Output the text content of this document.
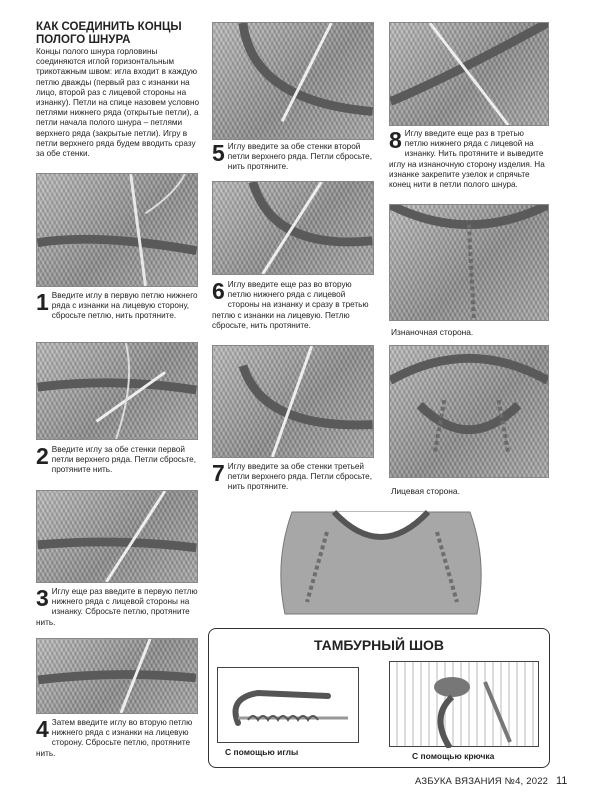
КАК СОЕДИНИТЬ КОНЦЫ ПОЛОГО ШНУРА
Концы полого шнура горловины соединяются иглой горизонтальным трикотажным швом: игла входит в каждую петлю дважды (первый раз с изнанки на лицо, второй раз с лицевой стороны на изнанку). Петли на спице назовем условно петлями нижнего ряда (открытые петли), а петли начала полого шнура – петлями верхнего ряда (закрытые петли). Игру в петли верхнего ряда будем вводить сразу за обе стенки.
1 Введите иглу в первую петлю нижнего ряда с изнанки на лицевую сторону, сбросьте петлю, нить протяните.
2 Введите иглу за обе стенки первой петли верхнего ряда. Петли сбросьте, протяните нить.
3 Иглу еще раз введите в первую петлю нижнего ряда с лицевой стороны на изнанку. Сбросьте петлю, протяните нить.
4 Затем введите иглу во вторую петлю нижнего ряда с изнанки на лицевую сторону. Сбросьте петлю, протяните нить.
5 Иглу введите за обе стенки второй петли верхнего ряда. Петли сбросьте, нить протяните.
6 Иглу введите еще раз во вторую петлю нижнего ряда с лицевой стороны на изнанку и сразу в третью петлю с изнанки на лицевую. Петлю сбросьте, нить протяните.
7 Иглу введите за обе стенки третьей петли верхнего ряда. Петли сбросьте, нить протяните.
8 Иглу введите еще раз в третью петлю нижнего ряда с лицевой на изнанку. Нить протяните и выведите иглу на изнаночную сторону изделия. На изнанке закрепите узелок и спрячьте конец нити в петли полого шнура.
Изнаночная сторона.
Лицевая сторона.
ТАМБУРНЫЙ ШОВ
С помощью иглы	С помощью крючка
АЗБУКА ВЯЗАНИЯ №4, 2022 11
